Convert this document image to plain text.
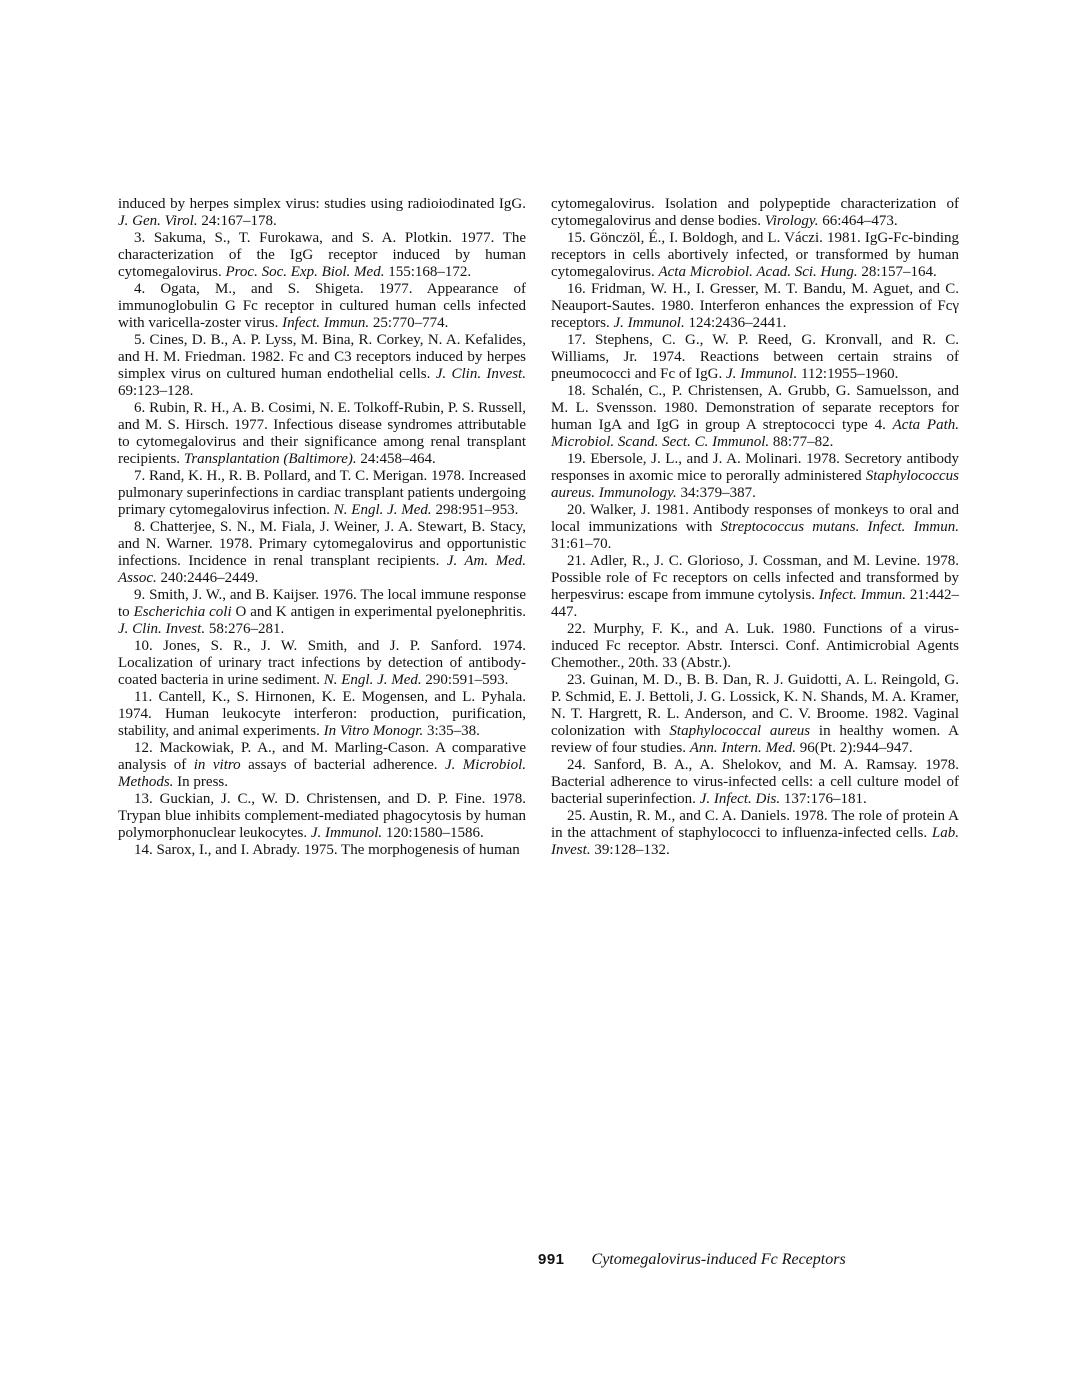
induced by herpes simplex virus: studies using radioiodinated IgG. J. Gen. Virol. 24:167–178.

3. Sakuma, S., T. Furokawa, and S. A. Plotkin. 1977. The characterization of the IgG receptor induced by human cytomegalovirus. Proc. Soc. Exp. Biol. Med. 155:168–172.

4. Ogata, M., and S. Shigeta. 1977. Appearance of immunoglobulin G Fc receptor in cultured human cells infected with varicella-zoster virus. Infect. Immun. 25:770–774.

5. Cines, D. B., A. P. Lyss, M. Bina, R. Corkey, N. A. Kefalides, and H. M. Friedman. 1982. Fc and C3 receptors induced by herpes simplex virus on cultured human endothelial cells. J. Clin. Invest. 69:123–128.

6. Rubin, R. H., A. B. Cosimi, N. E. Tolkoff-Rubin, P. S. Russell, and M. S. Hirsch. 1977. Infectious disease syndromes attributable to cytomegalovirus and their significance among renal transplant recipients. Transplantation (Baltimore). 24:458–464.

7. Rand, K. H., R. B. Pollard, and T. C. Merigan. 1978. Increased pulmonary superinfections in cardiac transplant patients undergoing primary cytomegalovirus infection. N. Engl. J. Med. 298:951–953.

8. Chatterjee, S. N., M. Fiala, J. Weiner, J. A. Stewart, B. Stacy, and N. Warner. 1978. Primary cytomegalovirus and opportunistic infections. Incidence in renal transplant recipients. J. Am. Med. Assoc. 240:2446–2449.

9. Smith, J. W., and B. Kaijser. 1976. The local immune response to Escherichia coli O and K antigen in experimental pyelonephritis. J. Clin. Invest. 58:276–281.

10. Jones, S. R., J. W. Smith, and J. P. Sanford. 1974. Localization of urinary tract infections by detection of antibody-coated bacteria in urine sediment. N. Engl. J. Med. 290:591–593.

11. Cantell, K., S. Hirnonen, K. E. Mogensen, and L. Pyhala. 1974. Human leukocyte interferon: production, purification, stability, and animal experiments. In Vitro Monogr. 3:35–38.

12. Mackowiak, P. A., and M. Marling-Cason. A comparative analysis of in vitro assays of bacterial adherence. J. Microbiol. Methods. In press.

13. Guckian, J. C., W. D. Christensen, and D. P. Fine. 1978. Trypan blue inhibits complement-mediated phagocytosis by human polymorphonuclear leukocytes. J. Immunol. 120:1580–1586.

14. Sarox, I., and I. Abrady. 1975. The morphogenesis of human

cytomegalovirus. Isolation and polypeptide characterization of cytomegalovirus and dense bodies. Virology. 66:464–473.

15. Gönczöl, É., I. Boldogh, and L. Váczi. 1981. IgG-Fc-binding receptors in cells abortively infected, or transformed by human cytomegalovirus. Acta Microbiol. Acad. Sci. Hung. 28:157–164.

16. Fridman, W. H., I. Gresser, M. T. Bandu, M. Aguet, and C. Neauport-Sautes. 1980. Interferon enhances the expression of Fcγ receptors. J. Immunol. 124:2436–2441.

17. Stephens, C. G., W. P. Reed, G. Kronvall, and R. C. Williams, Jr. 1974. Reactions between certain strains of pneumococci and Fc of IgG. J. Immunol. 112:1955–1960.

18. Schalén, C., P. Christensen, A. Grubb, G. Samuelsson, and M. L. Svensson. 1980. Demonstration of separate receptors for human IgA and IgG in group A streptococci type 4. Acta Path. Microbiol. Scand. Sect. C. Immunol. 88:77–82.

19. Ebersole, J. L., and J. A. Molinari. 1978. Secretory antibody responses in axomic mice to perorally administered Staphylococcus aureus. Immunology. 34:379–387.

20. Walker, J. 1981. Antibody responses of monkeys to oral and local immunizations with Streptococcus mutans. Infect. Immun. 31:61–70.

21. Adler, R., J. C. Glorioso, J. Cossman, and M. Levine. 1978. Possible role of Fc receptors on cells infected and transformed by herpesvirus: escape from immune cytolysis. Infect. Immun. 21:442–447.

22. Murphy, F. K., and A. Luk. 1980. Functions of a virus-induced Fc receptor. Abstr. Intersci. Conf. Antimicrobial Agents Chemother., 20th. 33 (Abstr.).

23. Guinan, M. D., B. B. Dan, R. J. Guidotti, A. L. Reingold, G. P. Schmid, E. J. Bettoli, J. G. Lossick, K. N. Shands, M. A. Kramer, N. T. Hargrett, R. L. Anderson, and C. V. Broome. 1982. Vaginal colonization with Staphylococcal aureus in healthy women. A review of four studies. Ann. Intern. Med. 96(Pt. 2):944–947.

24. Sanford, B. A., A. Shelokov, and M. A. Ramsay. 1978. Bacterial adherence to virus-infected cells: a cell culture model of bacterial superinfection. J. Infect. Dis. 137:176–181.

25. Austin, R. M., and C. A. Daniels. 1978. The role of protein A in the attachment of staphylococci to influenza-infected cells. Lab. Invest. 39:128–132.

991 Cytomegalovirus-induced Fc Receptors
